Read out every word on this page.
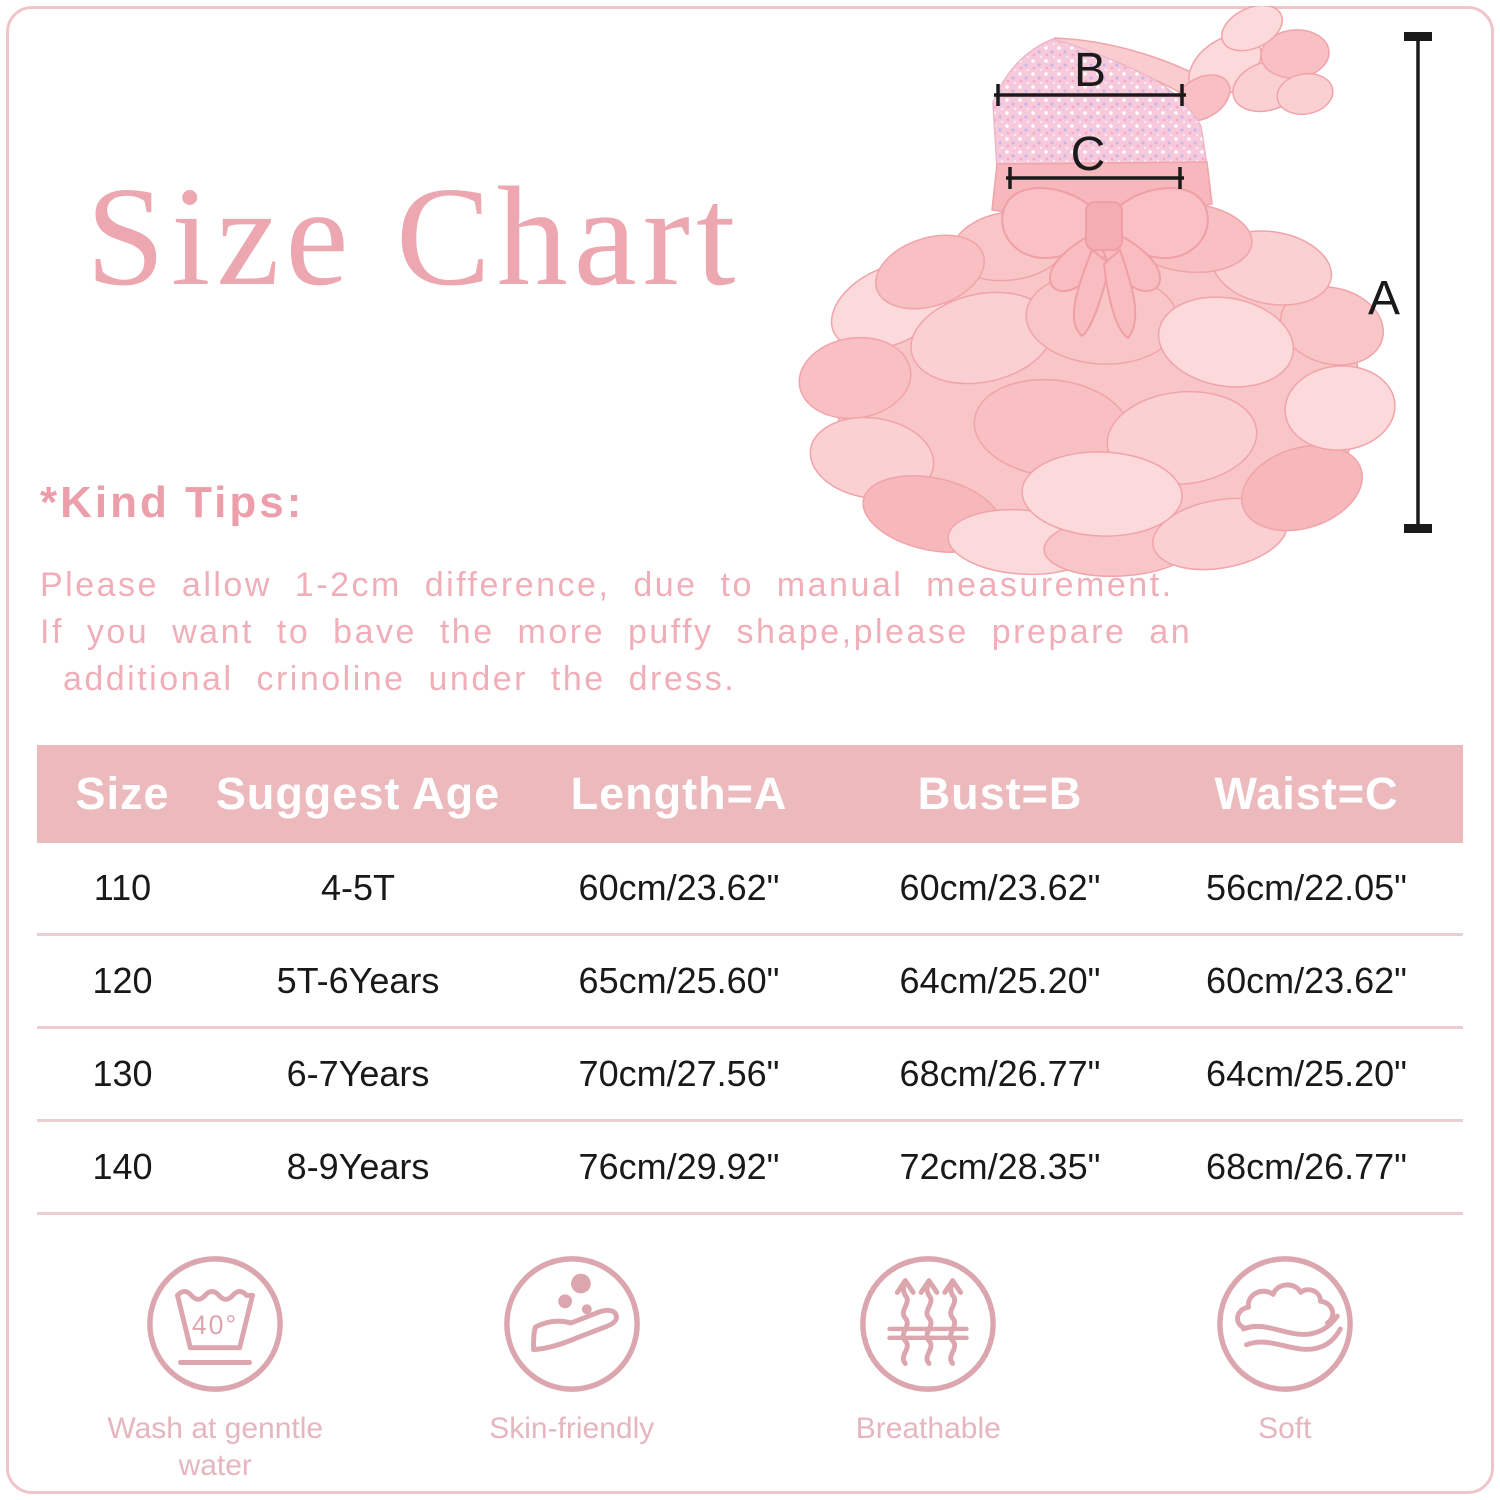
Size Chart
B
C
A
*Kind Tips:
Please allow 1-2cm difference, due to manual measurement.
If you want to bave the more puffy shape,please prepare an
additional crinoline under the dress.
Size	Suggest Age	Length=A	Bust=B	Waist=C
110	4-5T	60cm/23.62"	60cm/23.62"	56cm/22.05"
120	5T-6Years	65cm/25.60"	64cm/25.20"	60cm/23.62"
130	6-7Years	70cm/27.56"	68cm/26.77"	64cm/25.20"
140	8-9Years	76cm/29.92"	72cm/28.35"	68cm/26.77"
40°
Wash at genntle water
Skin-friendly	Breathable	Soft
